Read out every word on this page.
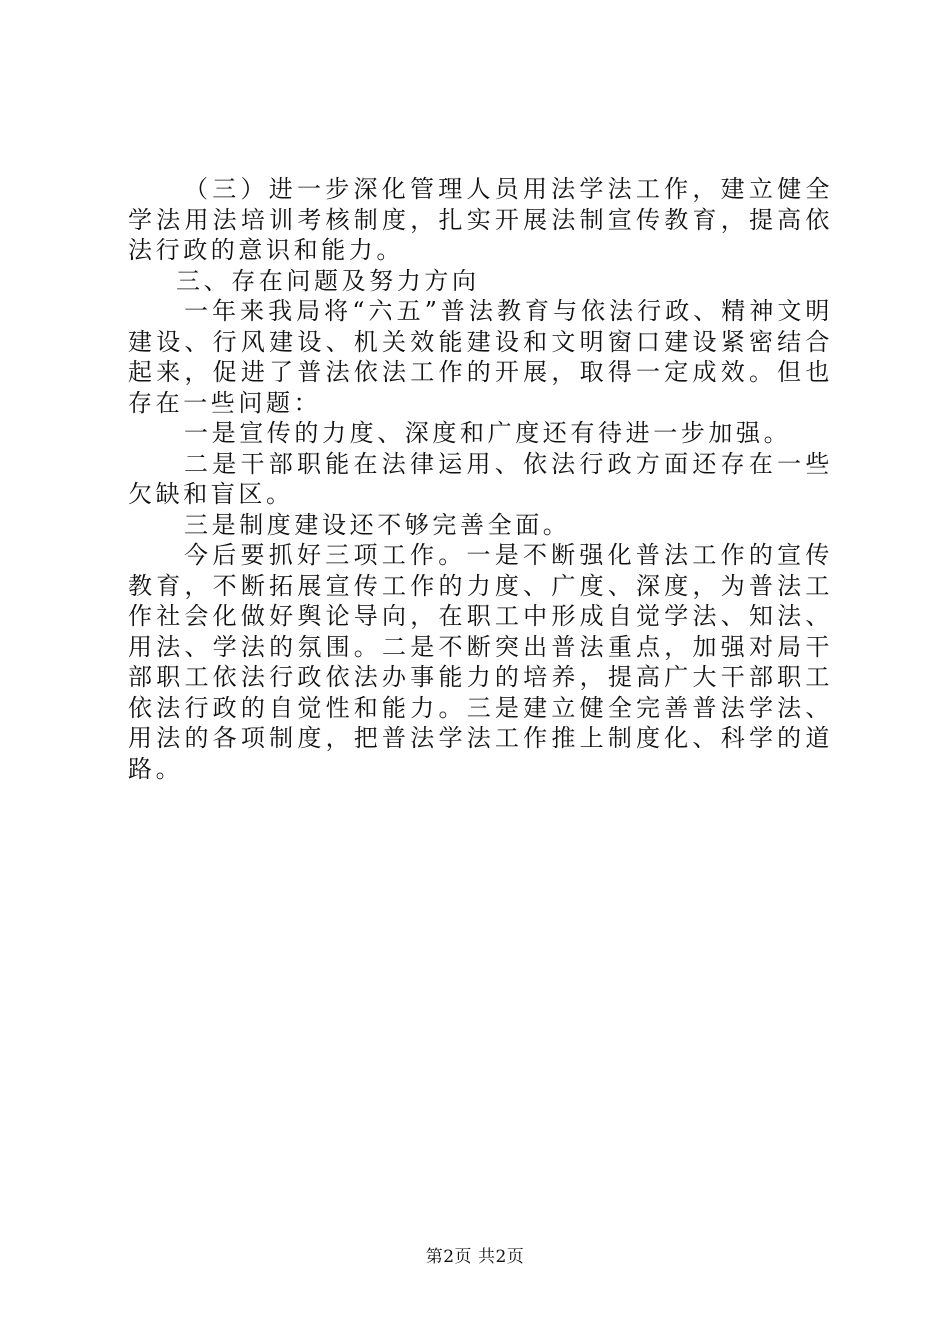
（三）进一步深化管理人员用法学法工作，建立健全学法用法培训考核制度，扎实开展法制宣传教育，提高依法行政的意识和能力。

三、存在问题及努力方向

一年来我局将“六五”普法教育与依法行政、精神文明建设、行风建设、机关效能建设和文明窗口建设紧密结合起来，促进了普法依法工作的开展，取得一定成效。但也存在一些问题：

一是宣传的力度、深度和广度还有待进一步加强。

二是干部职能在法律运用、依法行政方面还存在一些欠缺和盲区。

三是制度建设还不够完善全面。

今后要抓好三项工作。一是不断强化普法工作的宣传教育，不断拓展宣传工作的力度、广度、深度，为普法工作社会化做好舆论导向，在职工中形成自觉学法、知法、用法、学法的氛围。二是不断突出普法重点，加强对局干部职工依法行政依法办事能力的培养，提高广大干部职工依法行政的自觉性和能力。三是建立健全完善普法学法、用法的各项制度，把普法学法工作推上制度化、科学的道路。

第2页 共2页
